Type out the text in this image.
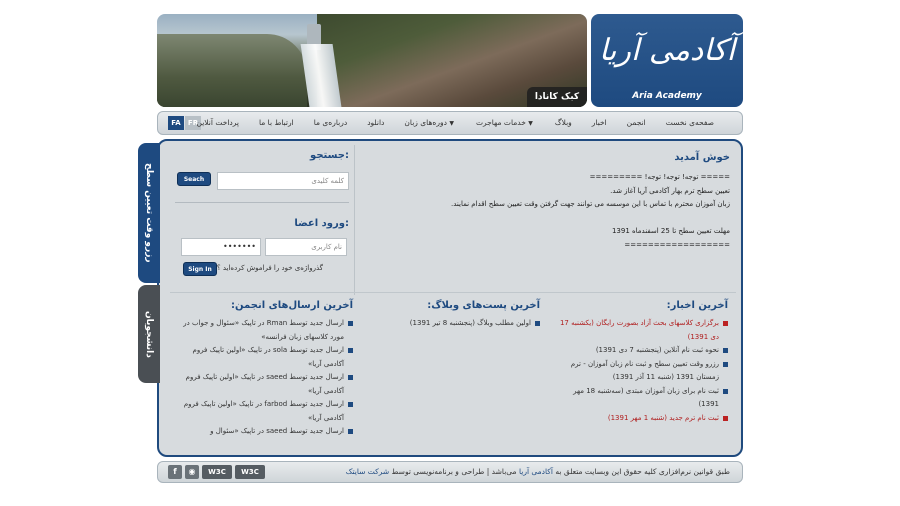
کبک کانادا
آکادمی آریا
Aria Academy
FA	FR	صفحه‌ی نخست
انجمن
اخبار
وبلاگ
خدمات مهاجرت ▼
دوره‌های زبان ▼
دانلود
درباره‌ی ما
ارتباط با ما
پرداخت آنلاین
رزرو وقت تعیین سطح
دانشجویان
خوش آمدید
===== توجه! توجه! توجه! =========
تعیین سطح ترم بهار آکادمی آریا آغاز شد.
زبان آموزان محترم با تماس با این موسسه می توانند جهت گرفتن وقت تعیین سطح اقدام نمایند.
مهلت تعیین سطح تا 25 اسفندماه 1391
==================
جستجو:
کلمه کلیدی
Seach
ورود اعضا:
نام کاربری
•••••••
Sign In گذرواژه‌ی خود را فراموش کرده‌اید ؟
آخرین اخبار:
برگزاری کلاسهای بحث آزاد بصورت رایگان (یکشنبه 17 دی 1391)
نحوه ثبت نام آنلاین (پنجشنبه 7 دی 1391)
رزرو وقت تعیین سطح و ثبت نام زبان آموزان - ترم زمستان 1391 (شنبه 11 آذر 1391)
ثبت نام برای زبان آموزان مبتدی (سه‌شنبه 18 مهر 1391)
ثبت نام ترم جدید (شنبه 1 مهر 1391)
آخرین پست‌های وبلاگ:
اولین مطلب وبلاگ (پنجشنبه 8 تیر 1391)
آخرین ارسال‌های انجمن:
ارسال جدید توسط Rman در تاپیک «سئوال و جواب در مورد کلاسهای زبان فرانسه»
ارسال جدید توسط sola در تاپیک «اولین تاپیک فروم آکادمی آریا»
ارسال جدید توسط saeed در تاپیک «اولین تاپیک فروم آکادمی آریا»
ارسال جدید توسط farbod در تاپیک «اولین تاپیک فروم آکادمی آریا»
ارسال جدید توسط saeed در تاپیک «سئوال و
f	◉	W3C	W3C	طبق قوانین نرم‌افزاری کلیه حقوق این وبسایت متعلق به آکادمی آریا می‌باشد | طراحی و برنامه‌نویسی توسط شرکت سایتک
